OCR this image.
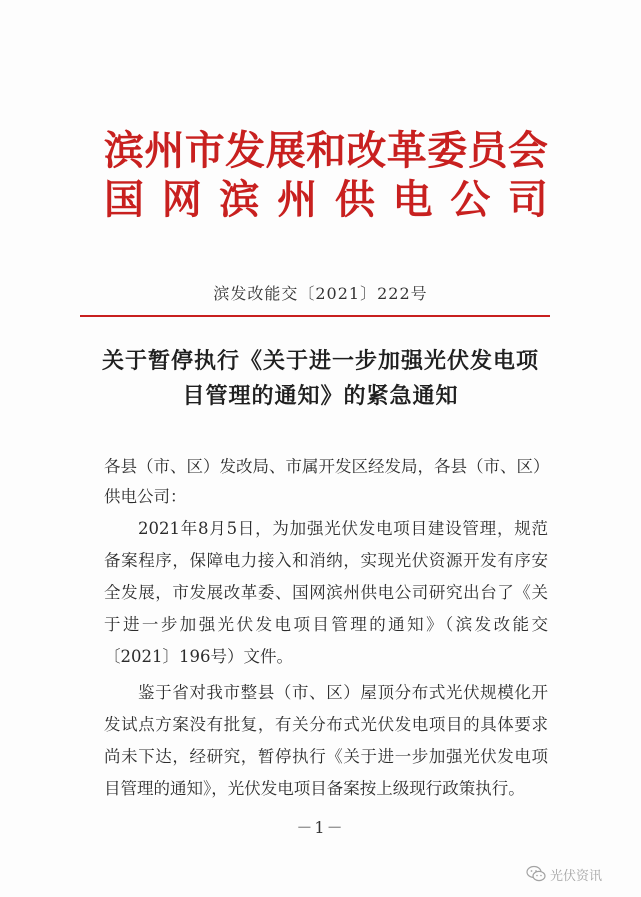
滨 州 市 发 展 和 改 革 委 员 会
国 网 滨 州 供 电 公 司
滨发改能交〔2021〕222号
关于暂停执行《关于进一步加强光伏发电项
目管理的通知》的紧急通知
各县（市、区）发改局、市属开发区经发局，各县（市、区）
供电公司：
2021年8月5日，为加强光伏发电项目建设管理，规范
备案程序，保障电力接入和消纳，实现光伏资源开发有序安
全发展，市发展改革委、国网滨州供电公司研究出台了《关
于进一步加强光伏发电项目管理的通知》（滨发改能交
〔2021〕196号）文件。
鉴于省对我市整县（市、区）屋顶分布式光伏规模化开
发试点方案没有批复，有关分布式光伏发电项目的具体要求
尚未下达，经研究，暂停执行《关于进一步加强光伏发电项
目管理的通知》，光伏发电项目备案按上级现行政策执行。
－1－
光伏资讯
